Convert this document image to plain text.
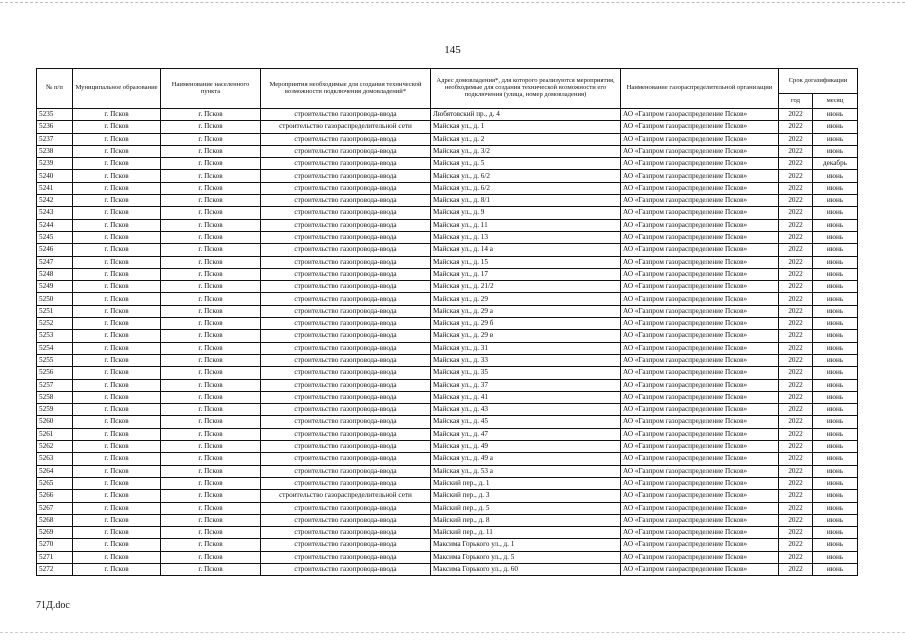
145
№ п/п	Муниципальное образование	Наименование населенного пункта	Мероприятия необходимые для создания технической возможности подключения домовладений*	Адрес домовладения*, для которого реализуются мероприятия, необходимые для создания технической возможности его подключения (улица, номер домовладения)	Наименование газораспределительной организации	Срок догазификации	
						год	месяц
5235	г. Псков	г. Псков	строительство газопровода-ввода	Любятовский пр., д. 4	АО «Газпром газораспределение Псков»	2022	июнь
5236	г. Псков	г. Псков	строительство газораспределительной сети	Майская ул., д. 1	АО «Газпром газораспределение Псков»	2022	июнь
5237	г. Псков	г. Псков	строительство газопровода-ввода	Майская ул., д. 2	АО «Газпром газораспределение Псков»	2022	июнь
5238	г. Псков	г. Псков	строительство газопровода-ввода	Майская ул., д. 3/2	АО «Газпром газораспределение Псков»	2022	июнь
5239	г. Псков	г. Псков	строительство газопровода-ввода	Майская ул., д. 5	АО «Газпром газораспределение Псков»	2022	декабрь
5240	г. Псков	г. Псков	строительство газопровода-ввода	Майская ул., д. 6/2	АО «Газпром газораспределение Псков»	2022	июнь
5241	г. Псков	г. Псков	строительство газопровода-ввода	Майская ул., д. 6/2	АО «Газпром газораспределение Псков»	2022	июнь
5242	г. Псков	г. Псков	строительство газопровода-ввода	Майская ул., д. 8/1	АО «Газпром газораспределение Псков»	2022	июнь
5243	г. Псков	г. Псков	строительство газопровода-ввода	Майская ул., д. 9	АО «Газпром газораспределение Псков»	2022	июнь
5244	г. Псков	г. Псков	строительство газопровода-ввода	Майская ул., д. 11	АО «Газпром газораспределение Псков»	2022	июнь
5245	г. Псков	г. Псков	строительство газопровода-ввода	Майская ул., д. 13	АО «Газпром газораспределение Псков»	2022	июнь
5246	г. Псков	г. Псков	строительство газопровода-ввода	Майская ул., д. 14 а	АО «Газпром газораспределение Псков»	2022	июнь
5247	г. Псков	г. Псков	строительство газопровода-ввода	Майская ул., д. 15	АО «Газпром газораспределение Псков»	2022	июнь
5248	г. Псков	г. Псков	строительство газопровода-ввода	Майская ул., д. 17	АО «Газпром газораспределение Псков»	2022	июнь
5249	г. Псков	г. Псков	строительство газопровода-ввода	Майская ул., д. 21/2	АО «Газпром газораспределение Псков»	2022	июнь
5250	г. Псков	г. Псков	строительство газопровода-ввода	Майская ул., д. 29	АО «Газпром газораспределение Псков»	2022	июнь
5251	г. Псков	г. Псков	строительство газопровода-ввода	Майская ул., д. 29 а	АО «Газпром газораспределение Псков»	2022	июнь
5252	г. Псков	г. Псков	строительство газопровода-ввода	Майская ул., д. 29 б	АО «Газпром газораспределение Псков»	2022	июнь
5253	г. Псков	г. Псков	строительство газопровода-ввода	Майская ул., д. 29 в	АО «Газпром газораспределение Псков»	2022	июнь
5254	г. Псков	г. Псков	строительство газопровода-ввода	Майская ул., д. 31	АО «Газпром газораспределение Псков»	2022	июнь
5255	г. Псков	г. Псков	строительство газопровода-ввода	Майская ул., д. 33	АО «Газпром газораспределение Псков»	2022	июнь
5256	г. Псков	г. Псков	строительство газопровода-ввода	Майская ул., д. 35	АО «Газпром газораспределение Псков»	2022	июнь
5257	г. Псков	г. Псков	строительство газопровода-ввода	Майская ул., д. 37	АО «Газпром газораспределение Псков»	2022	июнь
5258	г. Псков	г. Псков	строительство газопровода-ввода	Майская ул., д. 41	АО «Газпром газораспределение Псков»	2022	июнь
5259	г. Псков	г. Псков	строительство газопровода-ввода	Майская ул., д. 43	АО «Газпром газораспределение Псков»	2022	июнь
5260	г. Псков	г. Псков	строительство газопровода-ввода	Майская ул., д. 45	АО «Газпром газораспределение Псков»	2022	июнь
5261	г. Псков	г. Псков	строительство газопровода-ввода	Майская ул., д. 47	АО «Газпром газораспределение Псков»	2022	июнь
5262	г. Псков	г. Псков	строительство газопровода-ввода	Майская ул., д. 49	АО «Газпром газораспределение Псков»	2022	июнь
5263	г. Псков	г. Псков	строительство газопровода-ввода	Майская ул., д. 49 а	АО «Газпром газораспределение Псков»	2022	июнь
5264	г. Псков	г. Псков	строительство газопровода-ввода	Майская ул., д. 53 а	АО «Газпром газораспределение Псков»	2022	июнь
5265	г. Псков	г. Псков	строительство газопровода-ввода	Майский пер., д. 1	АО «Газпром газораспределение Псков»	2022	июнь
5266	г. Псков	г. Псков	строительство газораспределительной сети	Майский пер., д. 3	АО «Газпром газораспределение Псков»	2022	июнь
5267	г. Псков	г. Псков	строительство газопровода-ввода	Майский пер., д. 5	АО «Газпром газораспределение Псков»	2022	июнь
5268	г. Псков	г. Псков	строительство газопровода-ввода	Майский пер., д. 8	АО «Газпром газораспределение Псков»	2022	июнь
5269	г. Псков	г. Псков	строительство газопровода-ввода	Майский пер., д. 11	АО «Газпром газораспределение Псков»	2022	июнь
5270	г. Псков	г. Псков	строительство газопровода-ввода	Максима Горького ул., д. 1	АО «Газпром газораспределение Псков»	2022	июнь
5271	г. Псков	г. Псков	строительство газопровода-ввода	Максима Горького ул., д. 5	АО «Газпром газораспределение Псков»	2022	июнь
5272	г. Псков	г. Псков	строительство газопровода-ввода	Максима Горького ул., д. 60	АО «Газпром газораспределение Псков»	2022	июнь
71Д.doc
